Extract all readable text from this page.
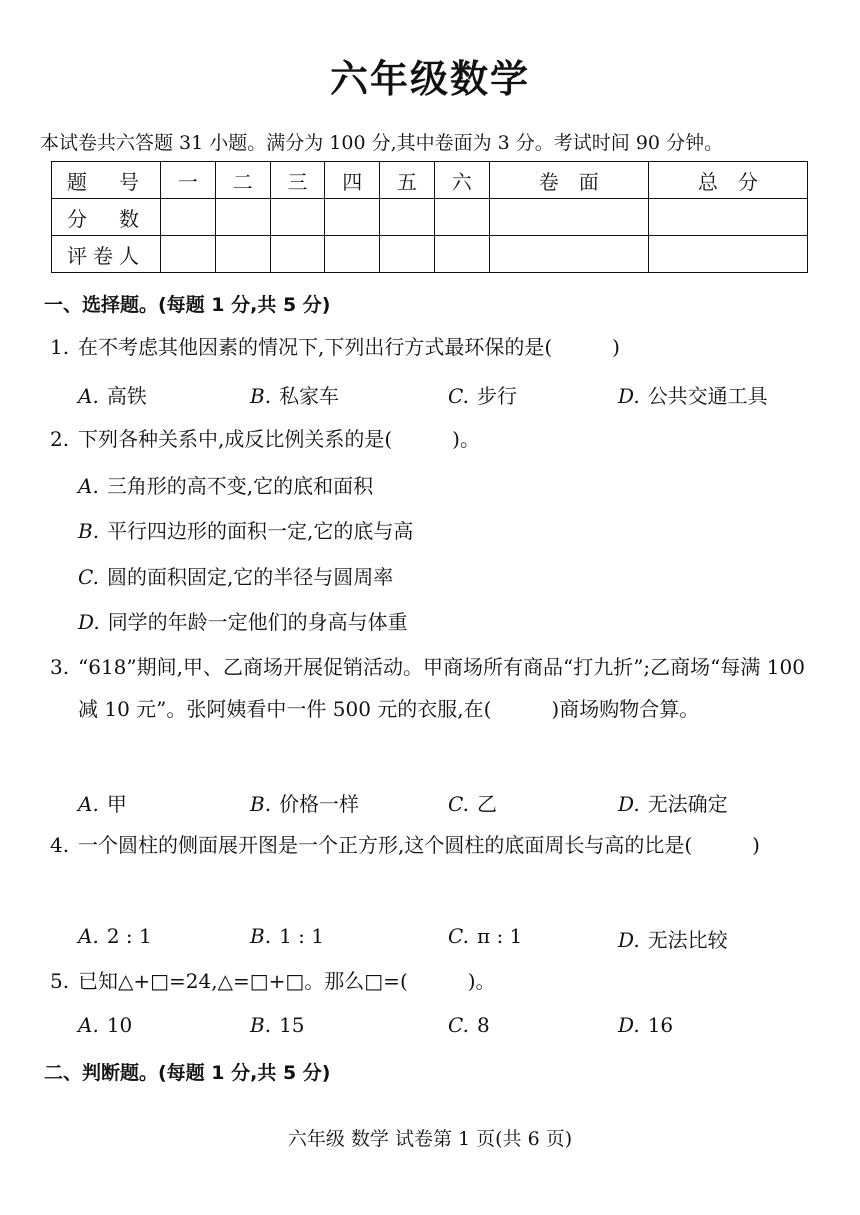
六年级数学
本试卷共六答题 31 小题。满分为 100 分,其中卷面为 3 分。考试时间 90 分钟。
题　号	一	二	三	四	五	六	卷　面	总　分
分　数								
评卷人								
一、选择题。(每题 1 分,共 5 分)
1. 在不考虑其他因素的情况下,下列出行方式最环保的是(　　　)
A. 高铁	B. 私家车	C. 步行	D. 公共交通工具
2. 下列各种关系中,成反比例关系的是(　　　)。
A. 三角形的高不变,它的底和面积
B. 平行四边形的面积一定,它的底与高
C. 圆的面积固定,它的半径与圆周率
D. 同学的年龄一定他们的身高与体重
3. “618”期间,甲、乙商场开展促销活动。甲商场所有商品“打九折”;乙商场“每满 100 减 10 元”。张阿姨看中一件 500 元的衣服,在(　　　)商场购物合算。
A. 甲	B. 价格一样	C. 乙	D. 无法确定
4. 一个圆柱的侧面展开图是一个正方形,这个圆柱的底面周长与高的比是(　　　)
A. 2 : 1	B. 1 : 1	C. π : 1	D. 无法比较
5. 已知△+□=24,△=□+□。那么□=(　　　)。
A. 10	B. 15	C. 8	D. 16
二、判断题。(每题 1 分,共 5 分)
六年级 数学 试卷第 1 页(共 6 页)
